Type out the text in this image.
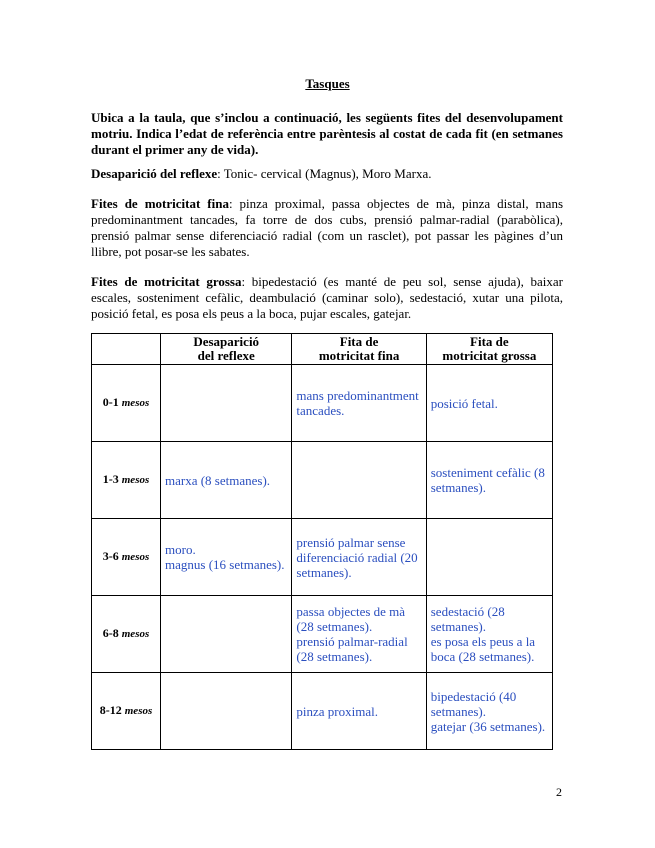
Tasques
Ubica a la taula, que s’inclou a continuació, les següents fites del desenvolupament motriu. Indica l’edat de referència entre parèntesis al costat de cada fit (en setmanes durant el primer any de vida).
Desaparició del reflexe: Tonic- cervical (Magnus), Moro Marxa.
Fites de motricitat fina: pinza proximal, passa objectes de mà, pinza distal, mans predominantment tancades, fa torre de dos cubs, prensió palmar-radial (parabòlica), prensió palmar sense diferenciació radial (com un rasclet), pot passar les pàgines d’un llibre, pot posar-se les sabates.
Fites de motricitat grossa: bipedestació (es manté de peu sol, sense ajuda), baixar escales, sosteniment cefàlic, deambulació (caminar solo), sedestació, xutar una pilota, posició fetal, es posa els peus a la boca, pujar escales, gatejar.
	Desaparició
del reflexe	Fita de
motricitat fina	Fita de
motricitat grossa
0-1 mesos		mans predominantment
tancades.	posició fetal.
1-3 mesos	marxa (8 setmanes).		sosteniment cefàlic (8
setmanes).
3-6 mesos	moro.
magnus (16 setmanes).	prensió palmar sense
diferenciació radial (20
setmanes).	
6-8 mesos		passa objectes de mà
(28 setmanes).
prensió palmar-radial
(28 setmanes).	sedestació (28
setmanes).
es posa els peus a la
boca (28 setmanes).
8-12 mesos		pinza proximal.	bipedestació (40
setmanes).
gatejar (36 setmanes).
2
